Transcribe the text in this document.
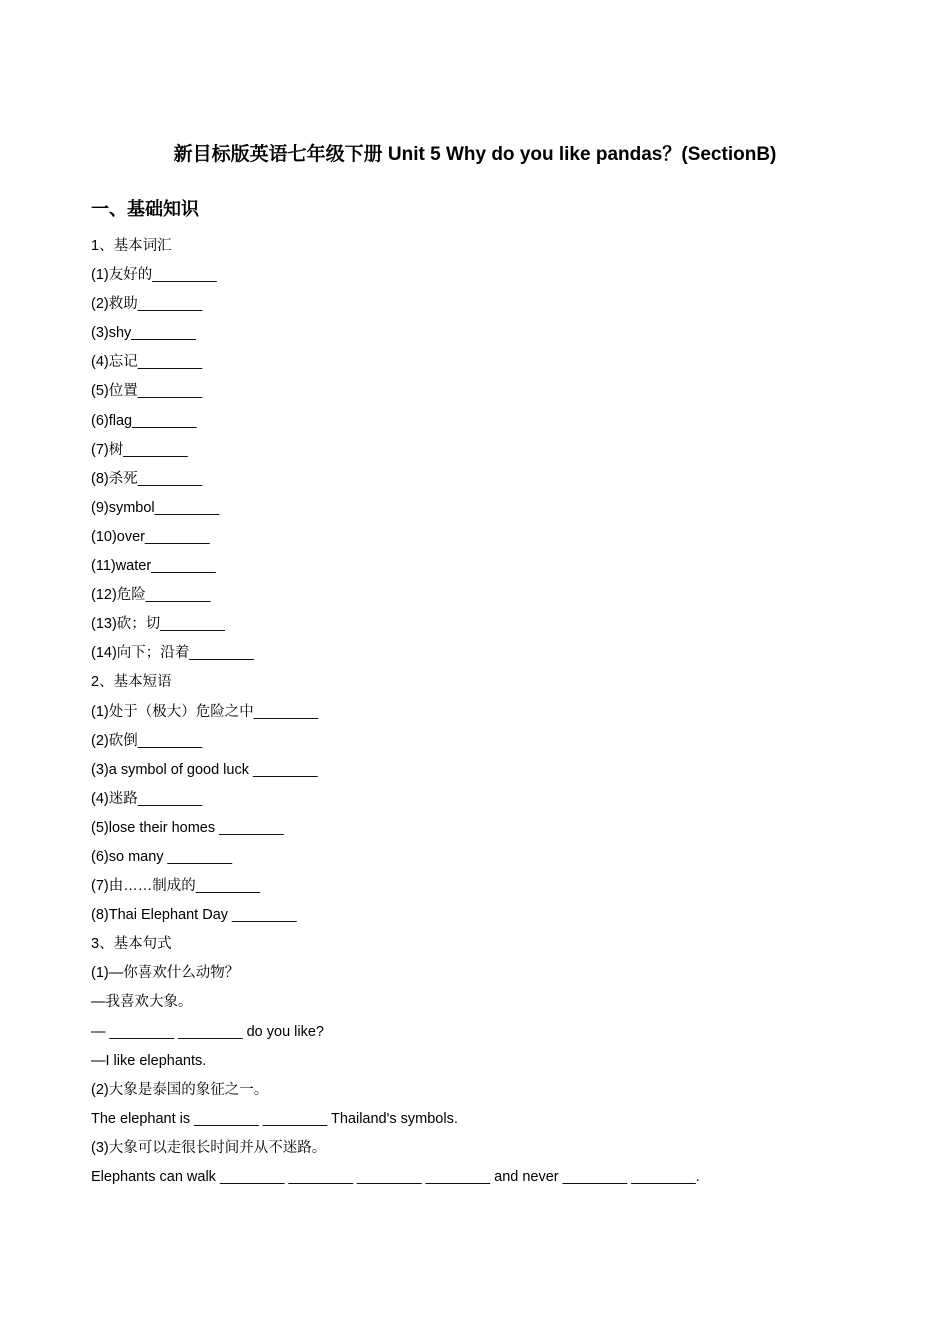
新目标版英语七年级下册 Unit 5 Why do you like pandas？(SectionB)
一、基础知识
1、基本词汇
(1)友好的________
(2)救助________
(3)shy________
(4)忘记________
(5)位置________
(6)flag________
(7)树________
(8)杀死________
(9)symbol________
(10)over________
(11)water________
(12)危险________
(13)砍；切________
(14)向下；沿着________
2、基本短语
(1)处于（极大）危险之中________
(2)砍倒________
(3)a symbol of good luck ________
(4)迷路________
(5)lose their homes ________
(6)so many ________
(7)由……制成的________
(8)Thai Elephant Day ________
3、基本句式
(1)—你喜欢什么动物？
—我喜欢大象。
— ________ ________ do you like?
—I like elephants.
(2)大象是泰国的象征之一。
The elephant is ________ ________ Thailand's symbols.
(3)大象可以走很长时间并从不迷路。
Elephants can walk ________ ________ ________ ________ and never ________ ________.
